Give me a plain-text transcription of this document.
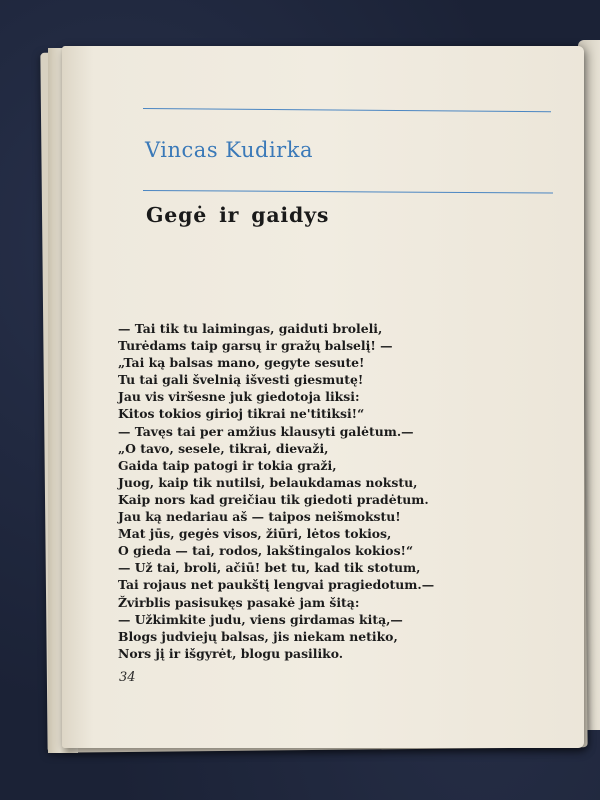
Vincas Kudirka
Gegė ir gaidys
— Tai tik tu laimingas, gaiduti broleli,
Turėdams taip garsų ir gražų balselį! —
„Tai ką balsas mano, gegyte sesute!
Tu tai gali švelnią išvesti giesmutę!
Jau vis viršesne juk giedotoja liksi:
Kitos tokios girioj tikrai ne'titiksi!“
— Tavęs tai per amžius klausyti galėtum.—
„O tavo, sesele, tikrai, dievaži,
Gaida taip patogi ir tokia graži,
Juog, kaip tik nutilsi, belaukdamas nokstu,
Kaip nors kad greičiau tik giedoti pradėtum.
Jau ką nedariau aš — taipos neišmokstu!
Mat jūs, gegės visos, žiūri, lėtos tokios,
O gieda — tai, rodos, lakštingalos kokios!“
— Už tai, broli, ačiū! bet tu, kad tik stotum,
Tai rojaus net paukštį lengvai pragiedotum.—
Žvirblis pasisukęs pasakė jam šitą:
— Užkimkite judu, viens girdamas kitą,—
Blogs judviejų balsas, jis niekam netiko,
Nors jį ir išgyrėt, blogu pasiliko.
34
